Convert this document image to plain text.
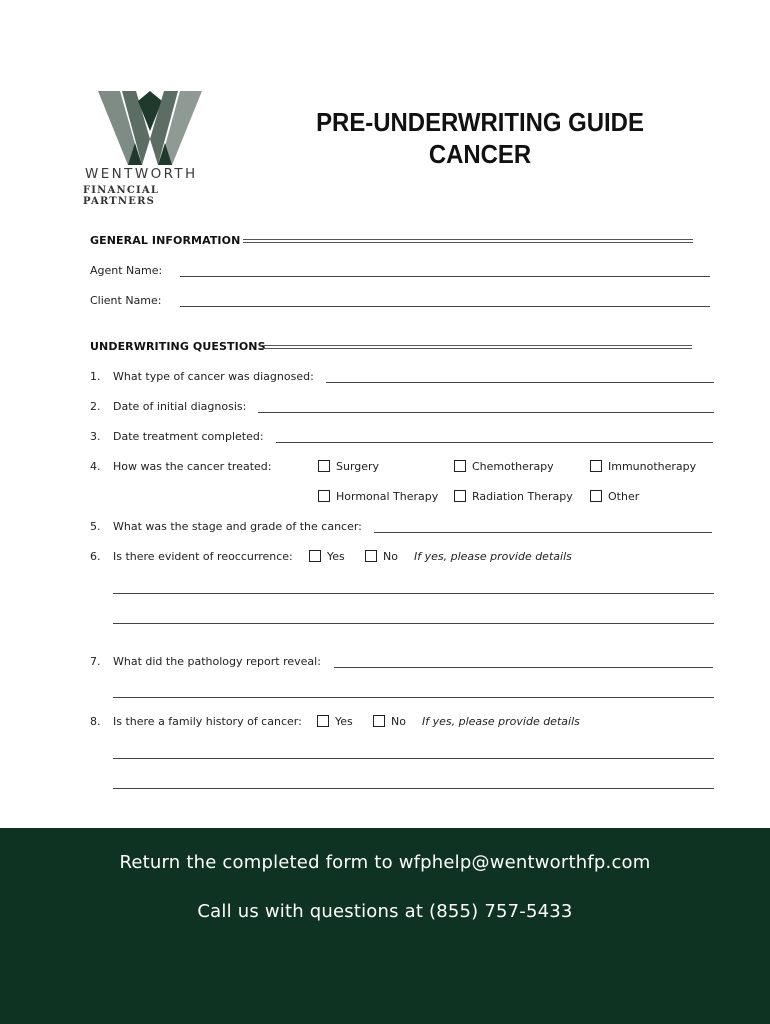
WENTWORTH
FINANCIAL PARTNERS
PRE-UNDERWRITING GUIDE
CANCER
GENERAL INFORMATION
Agent Name:
Client Name:
UNDERWRITING QUESTIONS
1. What type of cancer was diagnosed:
2. Date of initial diagnosis:
3. Date treatment completed:
4. How was the cancer treated:	Surgery	Chemotherapy	Immunotherapy
Hormonal Therapy	Radiation Therapy	Other
5. What was the stage and grade of the cancer:
6. Is there evident of reoccurrence:	Yes	No If yes, please provide details
7. What did the pathology report reveal:
8. Is there a family history of cancer:	Yes	No If yes, please provide details
Return the completed form to wfphelp@wentworthfp.com
Call us with questions at (855) 757-5433
